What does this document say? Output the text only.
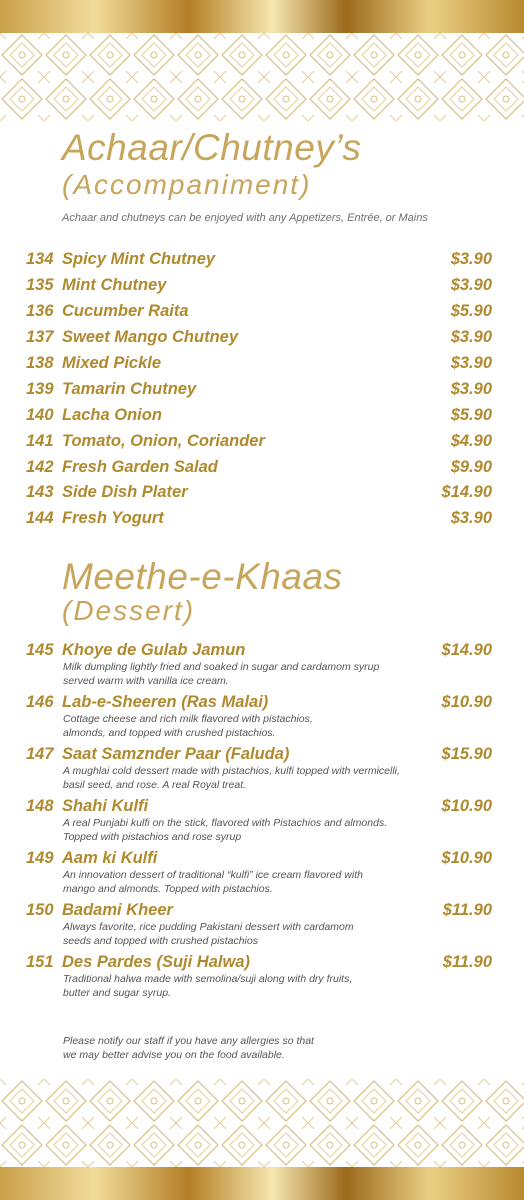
Achaar/Chutney’s
(Accompaniment)
Achaar and chutneys can be enjoyed with any Appetizers, Entrée, or Mains
134 Spicy Mint Chutney	$3.90
135 Mint Chutney	$3.90
136 Cucumber Raita	$5.90
137 Sweet Mango Chutney	$3.90
138 Mixed Pickle	$3.90
139 Tamarin Chutney	$3.90
140 Lacha Onion	$5.90
141 Tomato, Onion, Coriander	$4.90
142 Fresh Garden Salad	$9.90
143 Side Dish Plater	$14.90
144 Fresh Yogurt	$3.90
Meethe-e-Khaas
(Dessert)
145 Khoye de Gulab Jamun	$14.90
Milk dumpling lightly fried and soaked in sugar and cardamom syrup
served warm with vanilla ice cream.
146 Lab-e-Sheeren (Ras Malai)	$10.90
Cottage cheese and rich milk flavored with pistachios,
almonds, and topped with crushed pistachios.
147 Saat Samznder Paar (Faluda)	$15.90
A mughlai cold dessert made with pistachios, kulfi topped with vermicelli,
basil seed, and rose. A real Royal treat.
148 Shahi Kulfi	$10.90
A real Punjabi kulfi on the stick, flavored with Pistachios and almonds.
Topped with pistachios and rose syrup
149 Aam ki Kulfi	$10.90
An innovation dessert of traditional “kulfi” ice cream flavored with
mango and almonds. Topped with pistachios.
150 Badami Kheer	$11.90
Always favorite, rice pudding Pakistani dessert with cardamom
seeds and topped with crushed pistachios
151 Des Pardes (Suji Halwa)	$11.90
Traditional halwa made with semolina/suji along with dry fruits,
butter and sugar syrup.
Please notify our staff if you have any allergies so that
we may better advise you on the food available.
